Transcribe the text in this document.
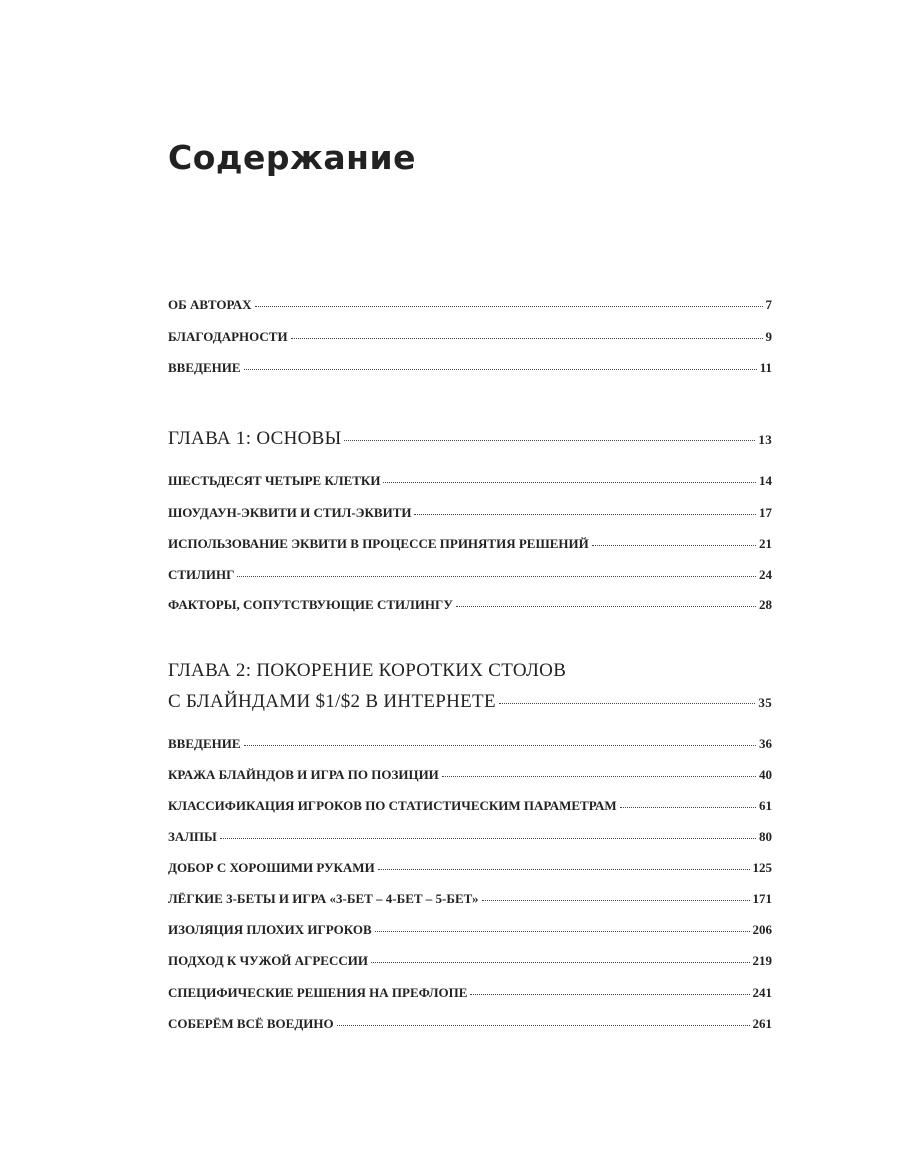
Содержание
ОБ АВТОРАХ	7
БЛАГОДАРНОСТИ	9
ВВЕДЕНИЕ	11
ГЛАВА 1: ОСНОВЫ	13
ШЕСТЬДЕСЯТ ЧЕТЫРЕ КЛЕТКИ	14
ШОУДАУН-ЭКВИТИ И СТИЛ-ЭКВИТИ	17
ИСПОЛЬЗОВАНИЕ ЭКВИТИ В ПРОЦЕССЕ ПРИНЯТИЯ РЕШЕНИЙ	21
СТИЛИНГ	24
ФАКТОРЫ, СОПУТСТВУЮЩИЕ СТИЛИНГУ	28
ГЛАВА 2: ПОКОРЕНИЕ КОРОТКИХ СТОЛОВ
С БЛАЙНДАМИ $1/$2 В ИНТЕРНЕТЕ	35
ВВЕДЕНИЕ	36
КРАЖА БЛАЙНДОВ И ИГРА ПО ПОЗИЦИИ	40
КЛАССИФИКАЦИЯ ИГРОКОВ ПО СТАТИСТИЧЕСКИМ ПАРАМЕТРАМ	61
ЗАЛПЫ	80
ДОБОР С ХОРОШИМИ РУКАМИ	125
ЛЁГКИЕ 3-БЕТЫ И ИГРА «3-БЕТ – 4-БЕТ – 5-БЕТ»	171
ИЗОЛЯЦИЯ ПЛОХИХ ИГРОКОВ	206
ПОДХОД К ЧУЖОЙ АГРЕССИИ	219
СПЕЦИФИЧЕСКИЕ РЕШЕНИЯ НА ПРЕФЛОПЕ	241
СОБЕРЁМ ВСЁ ВОЕДИНО	261
